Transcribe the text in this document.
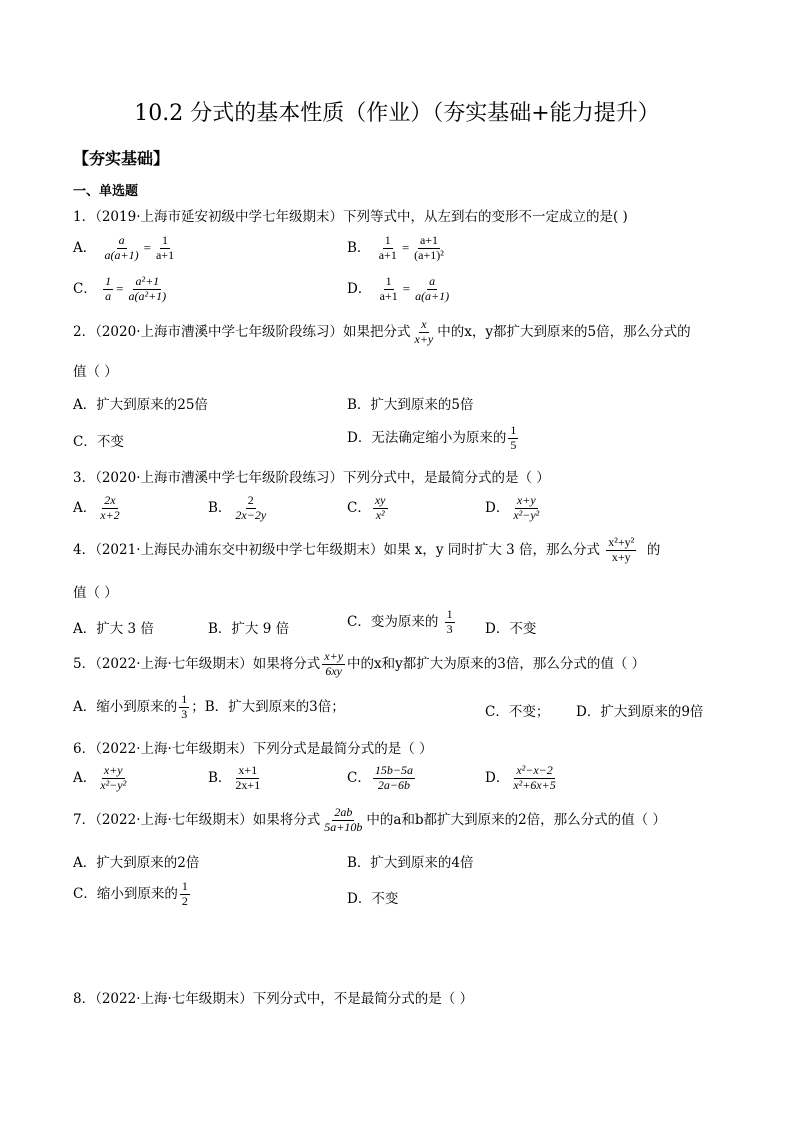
10.2 分式的基本性质（作业）（夯实基础+能力提升）
【夯实基础】
一、单选题
1．（2019·上海市延安初级中学七年级期末）下列等式中，从左到右的变形不一定成立的是( )
A． $\frac{a}{a(a+1)} = \frac{1}{a+1}$	B． $\frac{1}{a+1} = \frac{a+1}{\text{(a+1)²}}$
C． $\frac{1}{a} = \frac{\text{a²+1}}{\text{a(a²+1)}}$	D． $\frac{1}{a+1} = \frac{a}{a(a+1)}$
2．（2020·上海市漕溪中学七年级阶段练习）如果把分式 $\frac{x}{x+y}$ 中的x，y都扩大到原来的5倍，那么分式的
值（ ）
A．扩大到原来的25倍	B．扩大到原来的5倍
C．不变	D．无法确定缩小为原来的 $\frac{1}{5}$
3．（2020·上海市漕溪中学七年级阶段练习）下列分式中，是最简分式的是（ ）
A． $\frac{2x}{x+2}$	B． $\frac{2}{2x-2y}$	C． $\frac{xy}{\text{x²}}$	D． $\frac{x+y}{\text{x²−y²}}$
4．（2021·上海民办浦东交中初级中学七年级期末）如果 x，y 同时扩大 3 倍，那么分式 $\frac{\text{x²+y²}}{x+y}$ 的
值（ ）
A．扩大 3 倍	B．扩大 9 倍	C．变为原来的 $\frac{1}{3}$ D．不变
5．（2022·上海·七年级期末）如果将分式 $\frac{x+y}{6xy}$ 中的x和y都扩大为原来的3倍，那么分式的值（ ）
A．缩小到原来的 $\frac{1}{3}$ ；B．扩大到原来的3倍；	C．不变； D．扩大到原来的9倍
6．（2022·上海·七年级期末）下列分式是最简分式的是（ ）
A． $\frac{x+y}{\text{x²−y²}}$	B． $\frac{x+1}{2x+1}$	C． $\frac{15b-5a}{2a-6b}$	D． $\frac{\text{x²−x−2}}{\text{x²+6x+5}}$
7．（2022·上海·七年级期末）如果将分式 $\frac{2ab}{5a+10b}$ 中的a和b都扩大到原来的2倍，那么分式的值（ ）
A．扩大到原来的2倍	B．扩大到原来的4倍
C．缩小到原来的 $\frac{1}{2}$	D．不变
8．（2022·上海·七年级期末）下列分式中，不是最简分式的是（ ）
